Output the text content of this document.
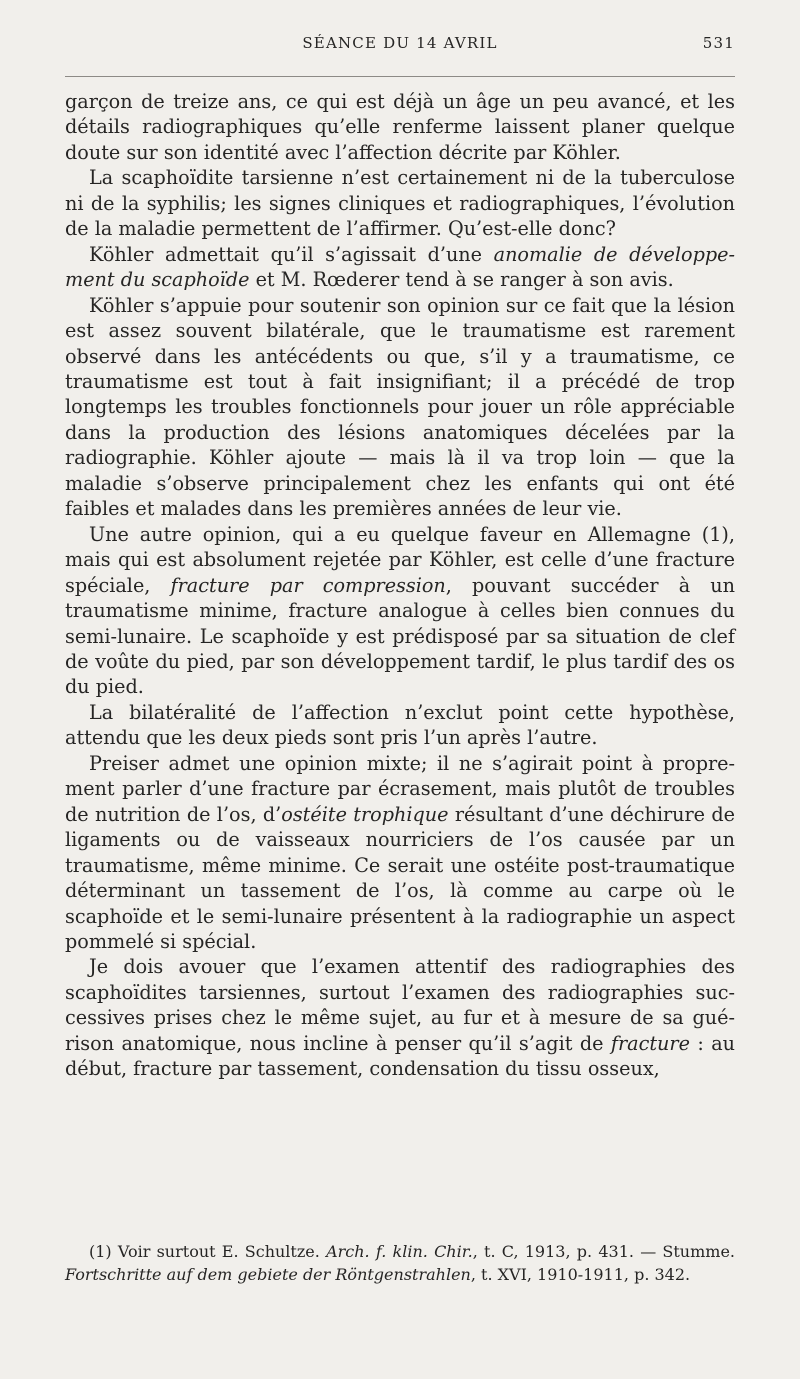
SÉANCE DU 14 AVRIL	531

garçon de treize ans, ce qui est déjà un âge un peu avancé, et les détails radiographiques qu’elle renferme laissent planer quelque doute sur son identité avec l’affection décrite par Köhler.

La scaphoïdite tarsienne n’est certainement ni de la tuberculose ni de la syphilis; les signes cliniques et radiographiques, l’évolution de la maladie permettent de l’affirmer. Qu’est-elle donc?

Köhler admettait qu’il s’agissait d’une anomalie de développement du scaphoïde et M. Rœderer tend à se ranger à son avis.

Köhler s’appuie pour soutenir son opinion sur ce fait que la lésion est assez souvent bilatérale, que le traumatisme est rarement observé dans les antécédents ou que, s’il y a traumatisme, ce traumatisme est tout à fait insignifiant; il a précédé de trop longtemps les troubles fonctionnels pour jouer un rôle appréciable dans la production des lésions anatomiques décelées par la radiographie. Köhler ajoute — mais là il va trop loin — que la maladie s’observe principalement chez les enfants qui ont été faibles et malades dans les premières années de leur vie.

Une autre opinion, qui a eu quelque faveur en Allemagne (1), mais qui est absolument rejetée par Köhler, est celle d’une fracture spéciale, fracture par compression, pouvant succéder à un traumatisme minime, fracture analogue à celles bien connues du semi-lunaire. Le scaphoïde y est prédisposé par sa situation de clef de voûte du pied, par son développement tardif, le plus tardif des os du pied.

La bilatéralité de l’affection n’exclut point cette hypothèse, attendu que les deux pieds sont pris l’un après l’autre.

Preiser admet une opinion mixte; il ne s’agirait point à proprement parler d’une fracture par écrasement, mais plutôt de troubles de nutrition de l’os, d’ostéite trophique résultant d’une déchirure de ligaments ou de vaisseaux nourriciers de l’os causée par un traumatisme, même minime. Ce serait une ostéite post-traumatique déterminant un tassement de l’os, là comme au carpe où le scaphoïde et le semi-lunaire présentent à la radiographie un aspect pommelé si spécial.

Je dois avouer que l’examen attentif des radiographies des scaphoïdites tarsiennes, surtout l’examen des radiographies successives prises chez le même sujet, au fur et à mesure de sa guérison anatomique, nous incline à penser qu’il s’agit de fracture : au début, fracture par tassement, condensation du tissu osseux,

(1) Voir surtout E. Schultze. Arch. f. klin. Chir., t. C, 1913, p. 431. — Stumme. Fortschritte auf dem gebiete der Röntgenstrahlen, t. XVI, 1910-1911, p. 342.
